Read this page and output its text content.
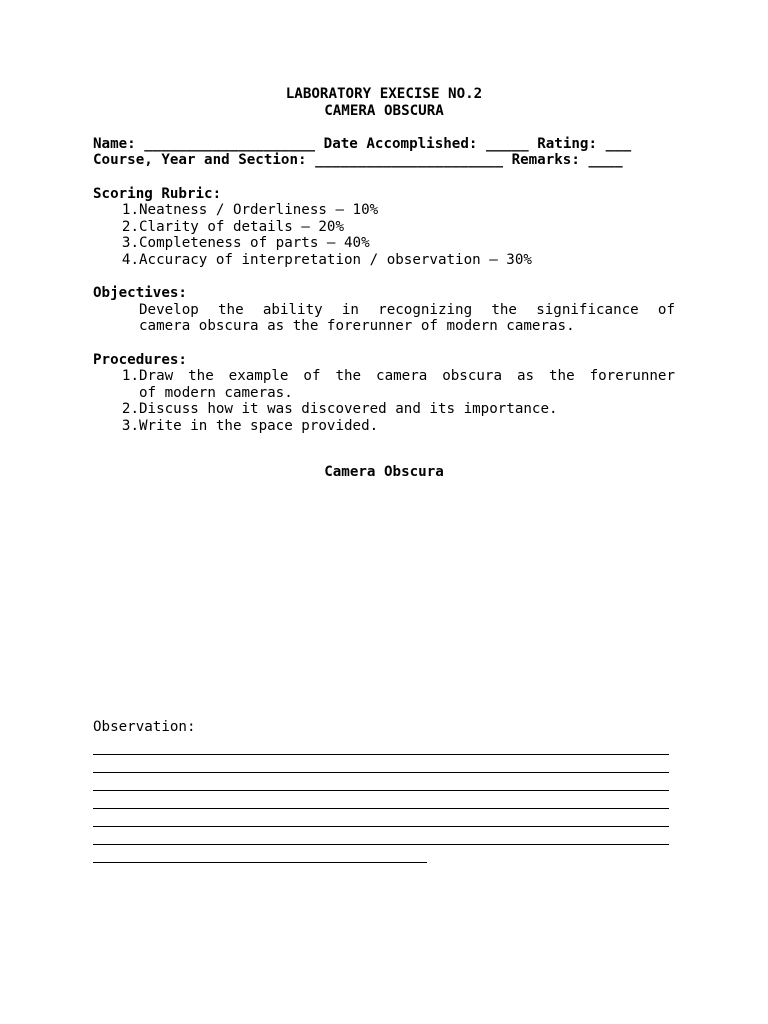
LABORATORY EXECISE NO.2
CAMERA OBSCURA
Name: ____________________ Date Accomplished: _____ Rating: ___
Course, Year and Section: ______________________ Remarks: ____
Scoring Rubric:
1. Neatness / Orderliness – 10%
2. Clarity of details – 20%
3. Completeness of parts – 40%
4. Accuracy of interpretation / observation – 30%
Objectives:
Develop the ability in recognizing the significance of
camera obscura as the forerunner of modern cameras.
Procedures:
1. Draw the example of the camera obscura as the forerunner
of modern cameras.
2. Discuss how it was discovered and its importance.
3. Write in the space provided.
Camera Obscura
Observation:
